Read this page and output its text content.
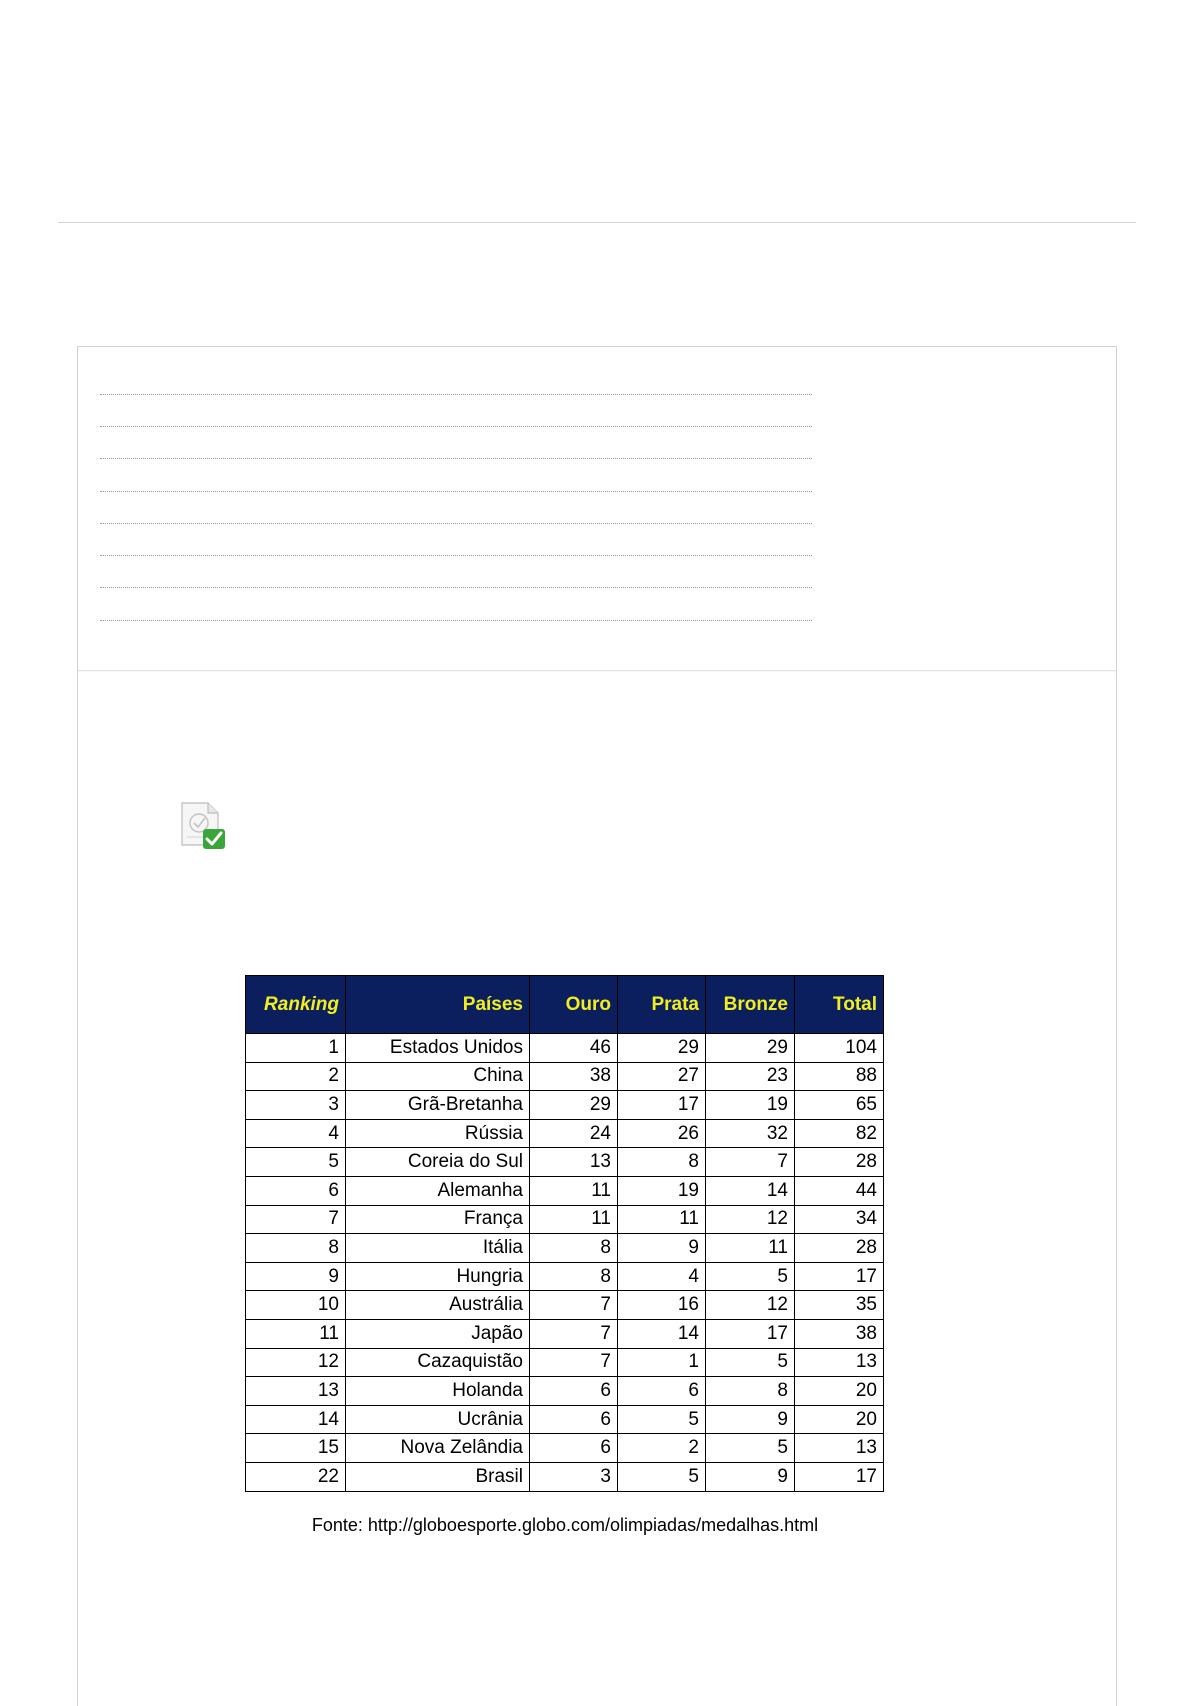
Ranking	Países	Ouro	Prata	Bronze	Total
1	Estados Unidos	46	29	29	104
2	China	38	27	23	88
3	Grã-Bretanha	29	17	19	65
4	Rússia	24	26	32	82
5	Coreia do Sul	13	8	7	28
6	Alemanha	11	19	14	44
7	França	11	11	12	34
8	Itália	8	9	11	28
9	Hungria	8	4	5	17
10	Austrália	7	16	12	35
11	Japão	7	14	17	38
12	Cazaquistão	7	1	5	13
13	Holanda	6	6	8	20
14	Ucrânia	6	5	9	20
15	Nova Zelândia	6	2	5	13
22	Brasil	3	5	9	17
Fonte: http://globoesporte.globo.com/olimpiadas/medalhas.html
